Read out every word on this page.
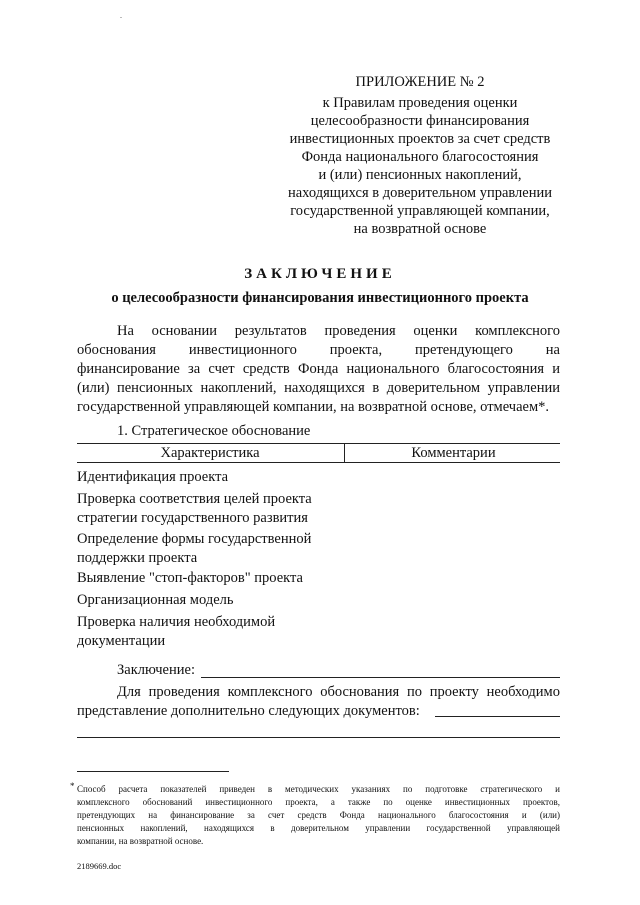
ПРИЛОЖЕНИЕ № 2
к Правилам проведения оценки
целесообразности финансирования
инвестиционных проектов за счет средств
Фонда национального благосостояния
и (или) пенсионных накоплений,
находящихся в доверительном управлении
государственной управляющей компании,
на возвратной основе
ЗАКЛЮЧЕНИЕ
о целесообразности финансирования инвестиционного проекта
На основании результатов проведения оценки комплексного
обоснования инвестиционного проекта, претендующего на
финансирование за счет средств Фонда национального благосостояния и
(или) пенсионных накоплений, находящихся в доверительном управлении
государственной управляющей компании, на возвратной основе, отмечаем*.
1. Стратегическое обоснование
Характеристика	Комментарии
Идентификация проекта
Проверка соответствия целей проекта
стратегии государственного развития
Определение формы государственной
поддержки проекта
Выявление "стоп-факторов" проекта
Организационная модель
Проверка наличия необходимой
документации
Заключение:
Для проведения комплексного обоснования по проекту необходимо
представление дополнительно следующих документов:
* Способ расчета показателей приведен в методических указаниях по подготовке стратегического и
комплексного обоснований инвестиционного проекта, а также по оценке инвестиционных проектов,
претендующих на финансирование за счет средств Фонда национального благосостояния и (или)
пенсионных накоплений, находящихся в доверительном управлении государственной управляющей
компании, на возвратной основе.
2189669.doc
